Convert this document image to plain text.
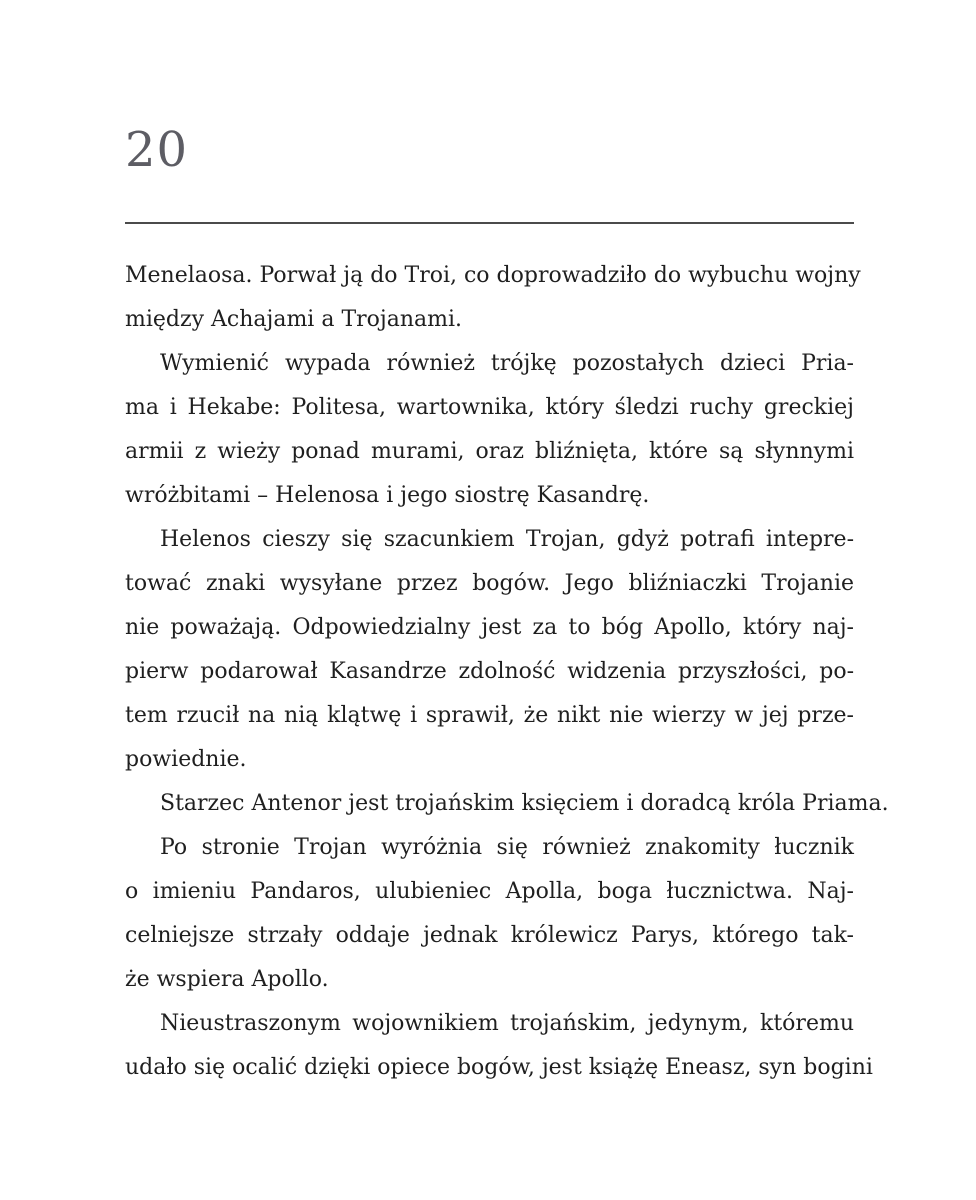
20
Menelaosa. Porwał ją do Troi, co doprowadziło do wybuchu wojny
między Achajami a Trojanami.
Wymienić wypada również trójkę pozostałych dzieci Pria-
ma i Hekabe: Politesa, wartownika, który śledzi ruchy greckiej
armii z wieży ponad murami, oraz bliźnięta, które są słynnymi
wróżbitami – Helenosa i jego siostrę Kasandrę.
Helenos cieszy się szacunkiem Trojan, gdyż potrafi intepre-
tować znaki wysyłane przez bogów. Jego bliźniaczki Trojanie
nie poważają. Odpowiedzialny jest za to bóg Apollo, który naj-
pierw podarował Kasandrze zdolność widzenia przyszłości, po-
tem rzucił na nią klątwę i sprawił, że nikt nie wierzy w jej prze-
powiednie.
Starzec Antenor jest trojańskim księciem i doradcą króla Priama.
Po stronie Trojan wyróżnia się również znakomity łucznik
o imieniu Pandaros, ulubieniec Apolla, boga łucznictwa. Naj-
celniejsze strzały oddaje jednak królewicz Parys, którego tak-
że wspiera Apollo.
Nieustraszonym wojownikiem trojańskim, jedynym, któremu
udało się ocalić dzięki opiece bogów, jest książę Eneasz, syn bogini
